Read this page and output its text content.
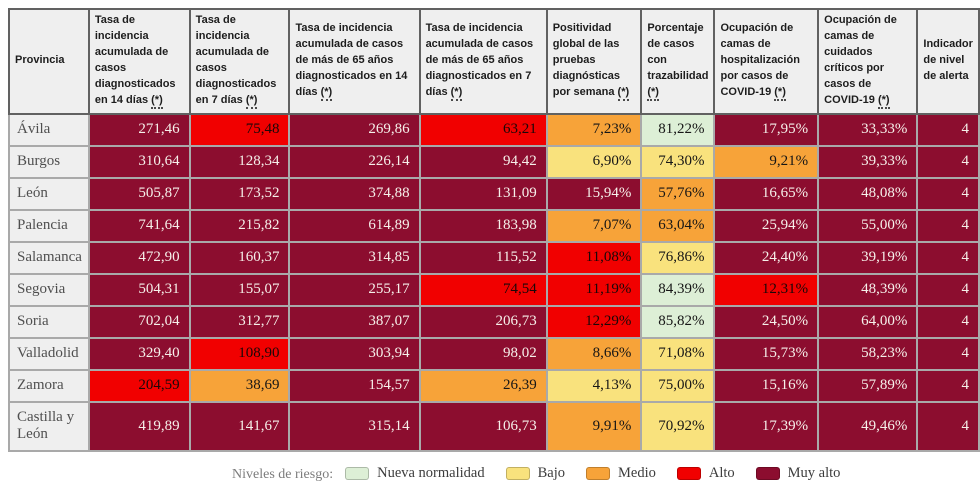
Provincia	Tasa de incidencia acumulada de casos diagnosticados en 14 días (*)	Tasa de incidencia acumulada de casos diagnosticados en 7 días (*)	Tasa de incidencia acumulada de casos de más de 65 años diagnosticados en 14 días (*)	Tasa de incidencia acumulada de casos de más de 65 años diagnosticados en 7 días (*)	Positividad global de las pruebas diagnósticas por semana (*)	Porcentaje de casos con trazabilidad (*)	Ocupación de camas de hospitalización por casos de COVID-19 (*)	Ocupación de camas de cuidados críticos por casos de COVID-19 (*)	Indicador de nivel de alerta
Ávila	271,46	75,48	269,86	63,21	7,23%	81,22%	17,95%	33,33%	4
Burgos	310,64	128,34	226,14	94,42	6,90%	74,30%	9,21%	39,33%	4
León	505,87	173,52	374,88	131,09	15,94%	57,76%	16,65%	48,08%	4
Palencia	741,64	215,82	614,89	183,98	7,07%	63,04%	25,94%	55,00%	4
Salamanca	472,90	160,37	314,85	115,52	11,08%	76,86%	24,40%	39,19%	4
Segovia	504,31	155,07	255,17	74,54	11,19%	84,39%	12,31%	48,39%	4
Soria	702,04	312,77	387,07	206,73	12,29%	85,82%	24,50%	64,00%	4
Valladolid	329,40	108,90	303,94	98,02	8,66%	71,08%	15,73%	58,23%	4
Zamora	204,59	38,69	154,57	26,39	4,13%	75,00%	15,16%	57,89%	4
Castilla y León	419,89	141,67	315,14	106,73	9,91%	70,92%	17,39%	49,46%	4
Niveles de riesgo:	Nueva normalidad	Bajo	Medio	Alto	Muy alto
